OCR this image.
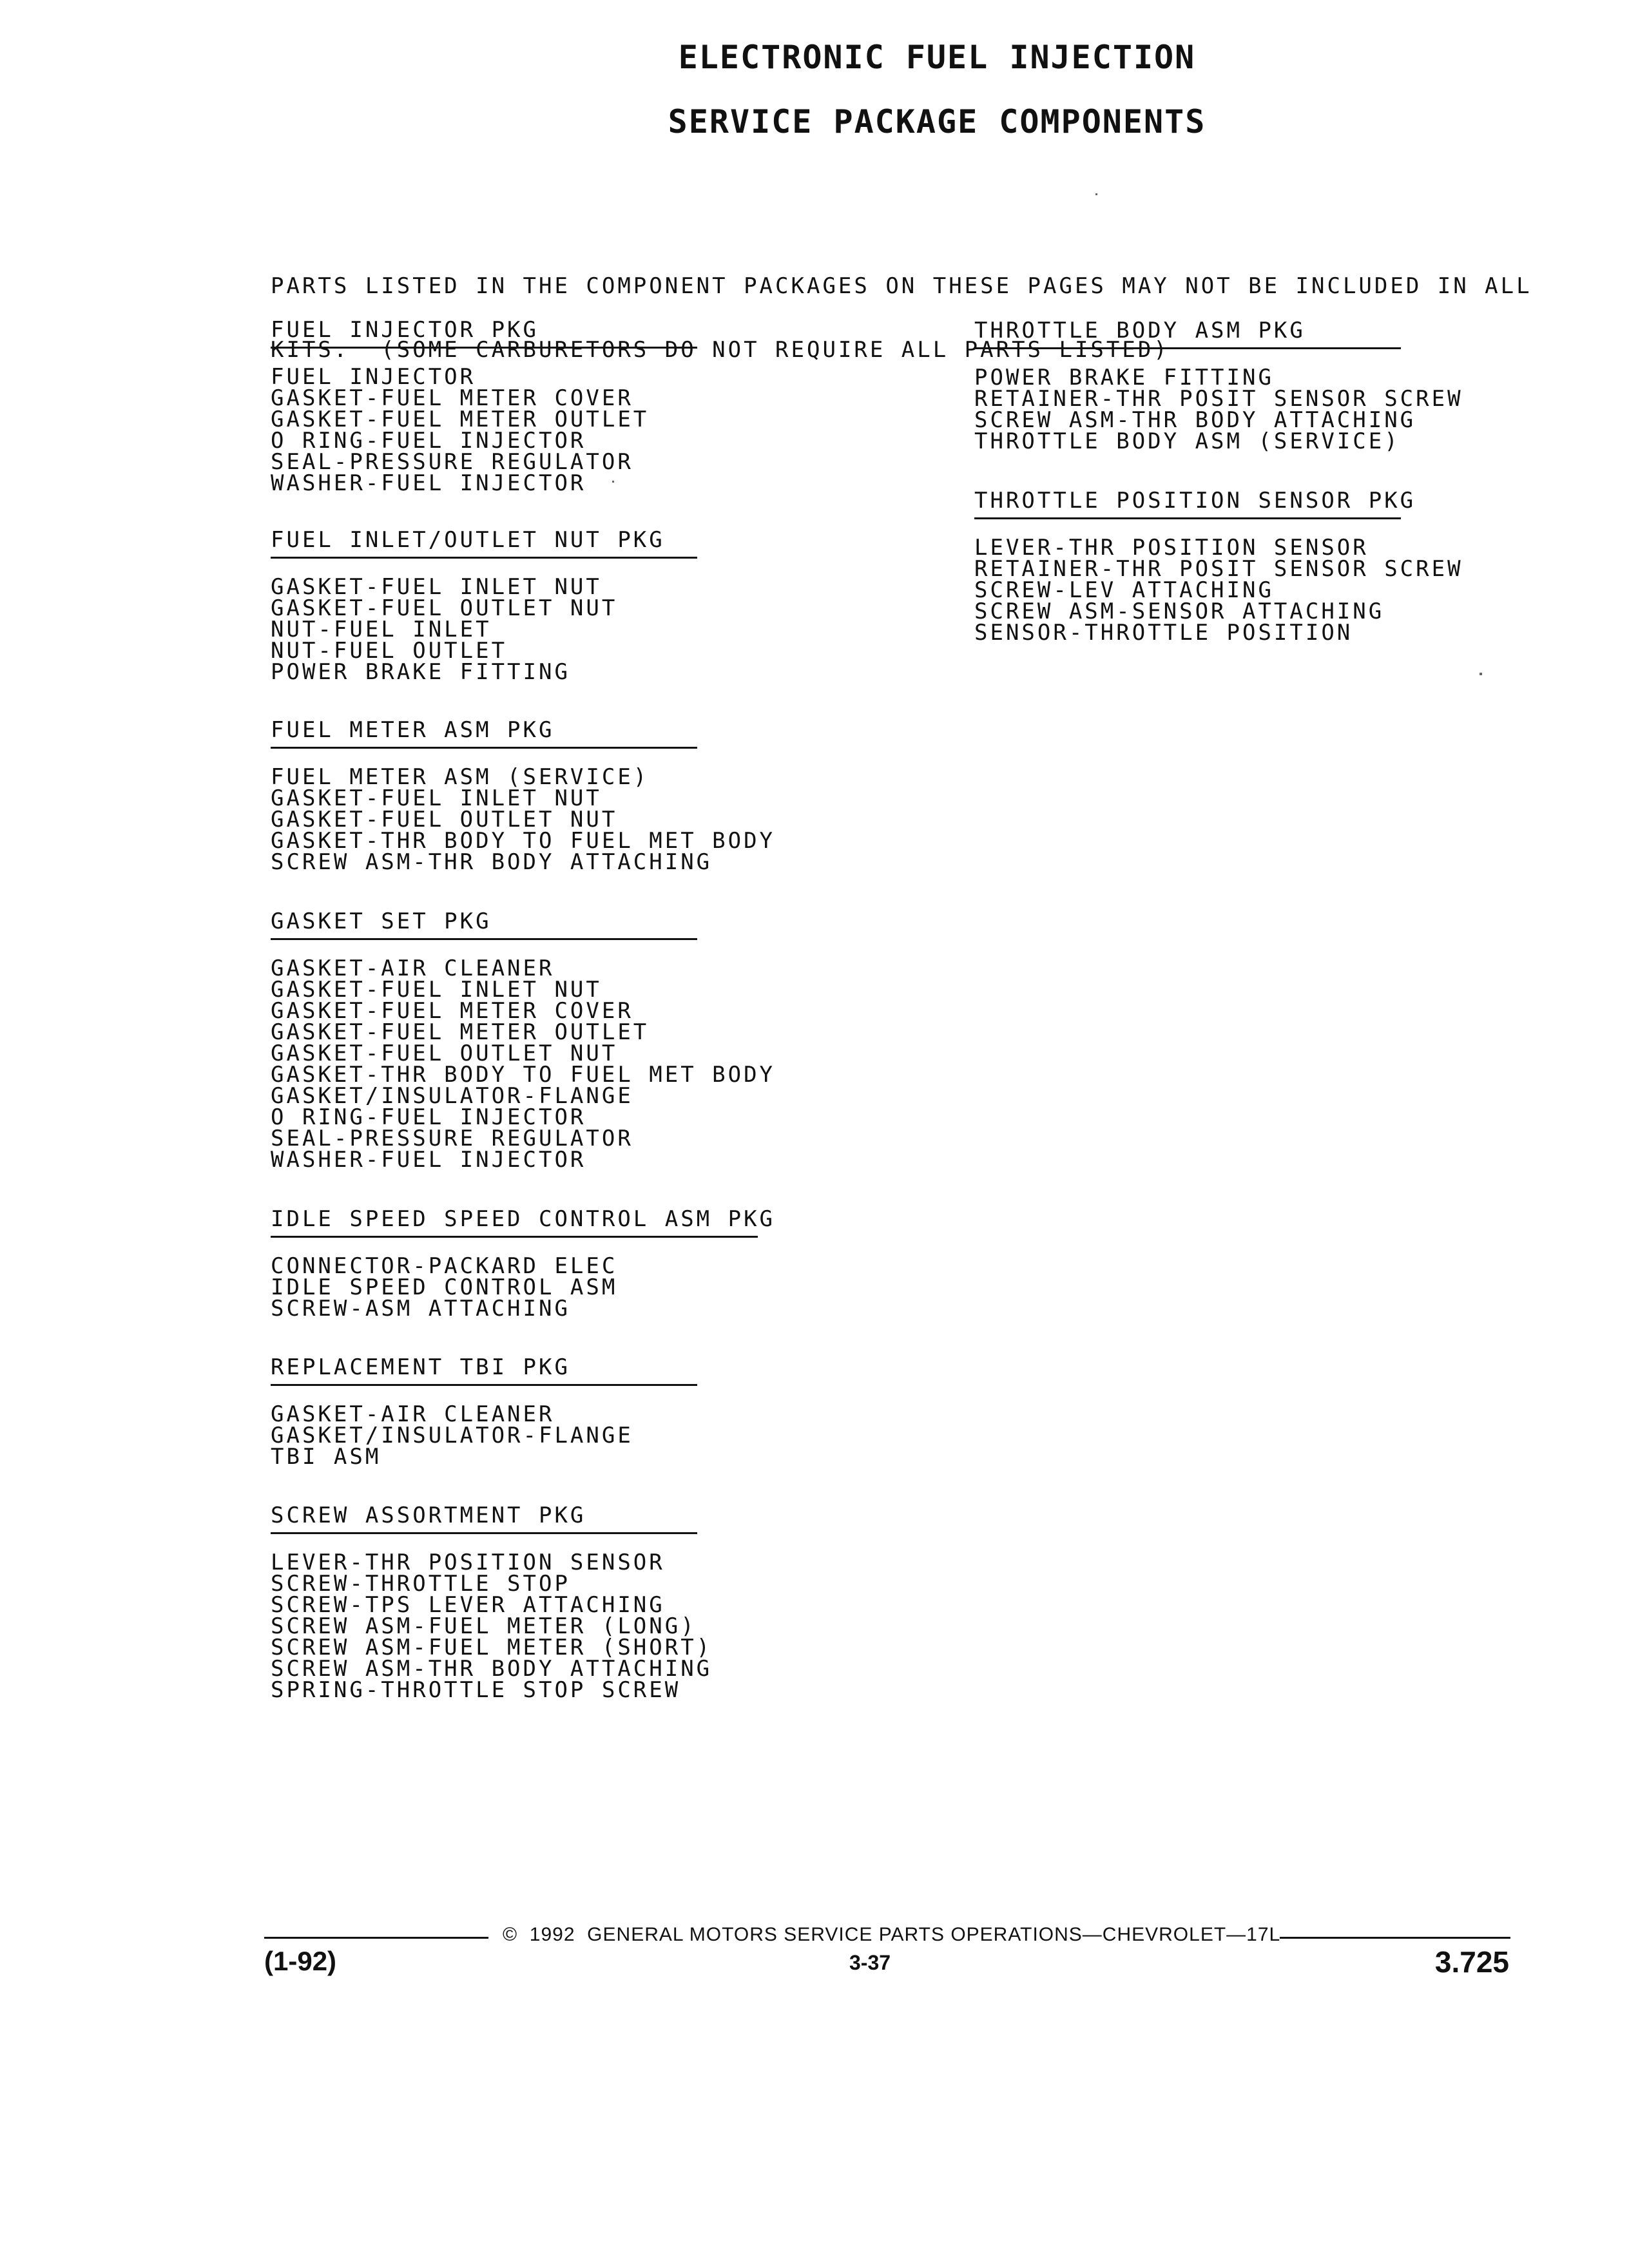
ELECTRONIC FUEL INJECTION
SERVICE PACKAGE COMPONENTS

PARTS LISTED IN THE COMPONENT PACKAGES ON THESE PAGES MAY NOT BE INCLUDED IN ALL

KITS.  (SOME CARBURETORS DO NOT REQUIRE ALL PARTS LISTED)

FUEL INJECTOR PKG
FUEL INJECTOR
GASKET-FUEL METER COVER
GASKET-FUEL METER OUTLET
O RING-FUEL INJECTOR
SEAL-PRESSURE REGULATOR
WASHER-FUEL INJECTOR
FUEL INLET/OUTLET NUT PKG
GASKET-FUEL INLET NUT
GASKET-FUEL OUTLET NUT
NUT-FUEL INLET
NUT-FUEL OUTLET
POWER BRAKE FITTING
FUEL METER ASM PKG
FUEL METER ASM (SERVICE)
GASKET-FUEL INLET NUT
GASKET-FUEL OUTLET NUT
GASKET-THR BODY TO FUEL MET BODY
SCREW ASM-THR BODY ATTACHING
GASKET SET PKG
GASKET-AIR CLEANER
GASKET-FUEL INLET NUT
GASKET-FUEL METER COVER
GASKET-FUEL METER OUTLET
GASKET-FUEL OUTLET NUT
GASKET-THR BODY TO FUEL MET BODY
GASKET/INSULATOR-FLANGE
O RING-FUEL INJECTOR
SEAL-PRESSURE REGULATOR
WASHER-FUEL INJECTOR
IDLE SPEED SPEED CONTROL ASM PKG
CONNECTOR-PACKARD ELEC
IDLE SPEED CONTROL ASM
SCREW-ASM ATTACHING
REPLACEMENT TBI PKG
GASKET-AIR CLEANER
GASKET/INSULATOR-FLANGE
TBI ASM
SCREW ASSORTMENT PKG
LEVER-THR POSITION SENSOR
SCREW-THROTTLE STOP
SCREW-TPS LEVER ATTACHING
SCREW ASM-FUEL METER (LONG)
SCREW ASM-FUEL METER (SHORT)
SCREW ASM-THR BODY ATTACHING
SPRING-THROTTLE STOP SCREW
THROTTLE BODY ASM PKG
POWER BRAKE FITTING
RETAINER-THR POSIT SENSOR SCREW
SCREW ASM-THR BODY ATTACHING
THROTTLE BODY ASM (SERVICE)
THROTTLE POSITION SENSOR PKG
LEVER-THR POSITION SENSOR
RETAINER-THR POSIT SENSOR SCREW
SCREW-LEV ATTACHING
SCREW ASM-SENSOR ATTACHING
SENSOR-THROTTLE POSITION
©  1992  GENERAL MOTORS SERVICE PARTS OPERATIONS—CHEVROLET—17L
(1-92)	3-37	3.725
